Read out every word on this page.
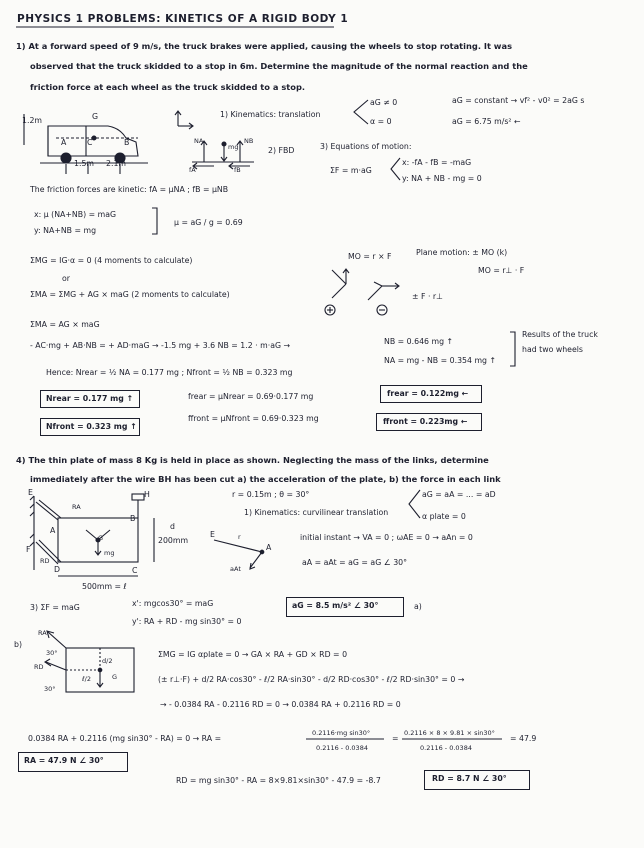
PHYSICS 1 PROBLEMS: KINETICS OF A RIGID BODY 1
1) At a forward speed of 9 m/s, the truck brakes were applied, causing the wheels to stop rotating. It was
observed that the truck skidded to a stop in 6m. Determine the magnitude of the normal reaction and the
friction force at each wheel as the truck skidded to a stop.
1.2m
A	C	B
G
1.5m 2.1m
1) Kinematics: translation
aG ≠ 0
α = 0
aG = constant → vf² - v0² = 2aG s
aG = 6.75 m/s² ←
NA	NB
mg
fA	fB
2) FBD	3) Equations of motion:
ΣF = m·aG
x: -fA - fB = -maG
y: NA + NB - mg = 0
The friction forces are kinetic: fA = μNA ; fB = μNB
x: μ (NA+NB) = maG
y: NA+NB = mg
μ = aG / g = 0.69
ΣMG = IG·α = 0 (4 moments to calculate)
or
ΣMA = ΣMG + AG × maG (2 moments to calculate)
MO = r × F	Plane motion: ± MO (k)
MO = r⊥ · F
± F · r⊥
ΣMA = AG × maG
- AC·mg + AB·NB = + AD·maG → -1.5 mg + 3.6 NB = 1.2 · m·aG →	NB = 0.646 mg ↑
NA = mg - NB = 0.354 mg ↑
Results of the truck
had two wheels
Hence: Nrear = ½ NA = 0.177 mg ; Nfront = ½ NB = 0.323 mg
Nrear = 0.177 mg ↑
Nfront = 0.323 mg ↑
frear = μNrear = 0.69·0.177 mg
ffront = μNfront = 0.69·0.323 mg
frear = 0.122mg ←
ffront = 0.223mg ←
4) The thin plate of mass 8 Kg is held in place as shown. Neglecting the mass of the links, determine
immediately after the wire BH has been cut a) the acceleration of the plate, b) the force in each link
E	H
A
B
C
D
F
G
mg
RA
RD
d
200mm
500mm = ℓ
r = 0.15m ; θ = 30°
1) Kinematics: curvilinear translation
aG = aA = ... = aD
α plate = 0
E	r
A
aAt
initial instant → VA = 0 ; ωAE = 0 → aAn = 0
aA = aAt = aG = aG ∠ 30°
3) ΣF = maG	x': mgcos30° = maG
y': RA + RD - mg sin30° = 0
aG = 8.5 m/s² ∠ 30°	a)
b)
RA
RD
30°
30°
d/2
ℓ/2	G
ΣMG = IG αplate = 0 → GA × RA + GD × RD = 0
(± r⊥·F) + d/2 RA·cos30° - ℓ/2 RA·sin30° - d/2 RD·cos30° - ℓ/2 RD·sin30° = 0 →
→ - 0.0384 RA - 0.2116 RD = 0 → 0.0384 RA + 0.2116 RD = 0
0.0384 RA + 0.2116 (mg sin30° - RA) = 0 → RA =
0.2116·mg sin30°
0.2116 - 0.0384
=
0.2116 × 8 × 9.81 × sin30°
0.2116 - 0.0384
= 47.9
RA = 47.9 N ∠ 30°
RD = mg sin30° - RA = 8×9.81×sin30° - 47.9 = -8.7	RD = 8.7 N ∠ 30°
